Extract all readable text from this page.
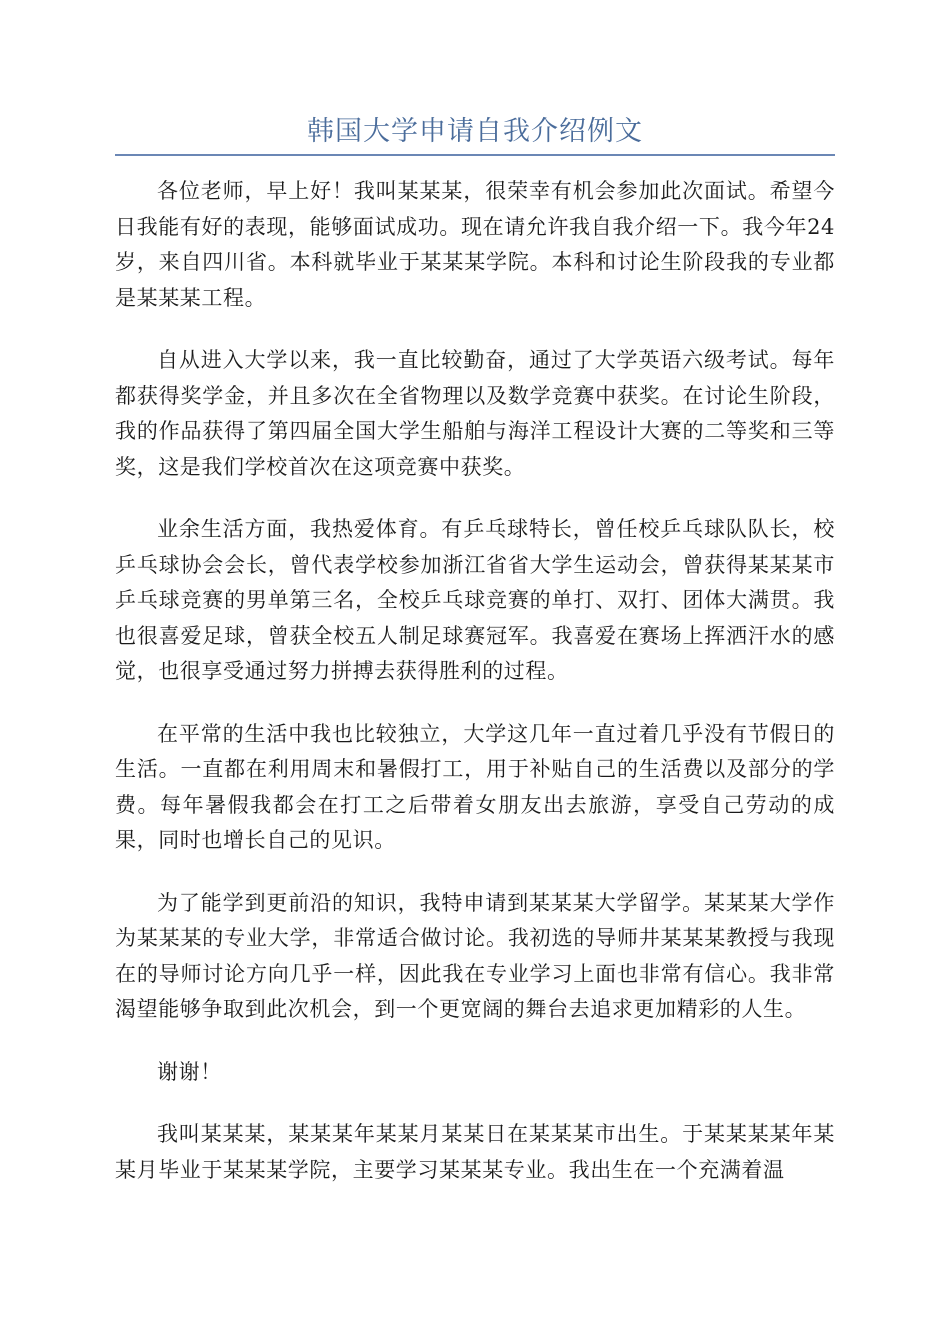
韩国大学申请自我介绍例文

各位老师，早上好！我叫某某某，很荣幸有机会参加此次面试。希望今日我能有好的表现，能够面试成功。现在请允许我自我介绍一下。我今年24岁，来自四川省。本科就毕业于某某某学院。本科和讨论生阶段我的专业都是某某某工程。

自从进入大学以来，我一直比较勤奋，通过了大学英语六级考试。每年都获得奖学金，并且多次在全省物理以及数学竞赛中获奖。在讨论生阶段，我的作品获得了第四届全国大学生船舶与海洋工程设计大赛的二等奖和三等奖，这是我们学校首次在这项竞赛中获奖。

业余生活方面，我热爱体育。有乒乓球特长，曾任校乒乓球队队长，校乒乓球协会会长，曾代表学校参加浙江省省大学生运动会，曾获得某某某市乒乓球竞赛的男单第三名，全校乒乓球竞赛的单打、双打、团体大满贯。我也很喜爱足球，曾获全校五人制足球赛冠军。我喜爱在赛场上挥洒汗水的感觉，也很享受通过努力拼搏去获得胜利的过程。

在平常的生活中我也比较独立，大学这几年一直过着几乎没有节假日的生活。一直都在利用周末和暑假打工，用于补贴自己的生活费以及部分的学费。每年暑假我都会在打工之后带着女朋友出去旅游，享受自己劳动的成果，同时也增长自己的见识。

为了能学到更前沿的知识，我特申请到某某某大学留学。某某某大学作为某某某的专业大学，非常适合做讨论。我初选的导师井某某某教授与我现在的导师讨论方向几乎一样，因此我在专业学习上面也非常有信心。我非常渴望能够争取到此次机会，到一个更宽阔的舞台去追求更加精彩的人生。

谢谢！

我叫某某某，某某某年某某月某某日在某某某市出生。于某某某某年某某月毕业于某某某学院，主要学习某某某专业。我出生在一个充满着温
